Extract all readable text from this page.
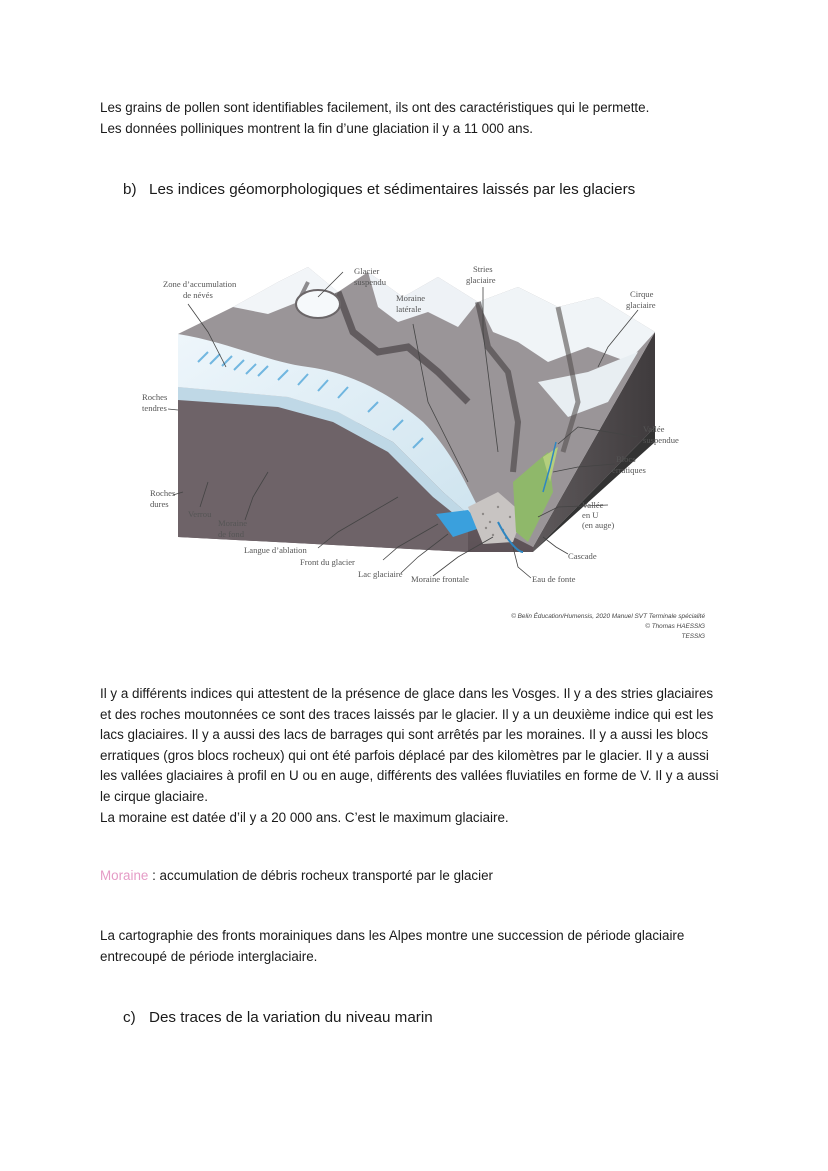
Les grains de pollen sont identifiables facilement, ils ont des caractéristiques qui le permette.
Les données polliniques montrent la fin d’une glaciation il y a 11 000 ans.
b) Les indices géomorphologiques et sédimentaires laissés par les glaciers
Zone d’accumulation
de névés
Glacier
suspendu
Stries
glaciaire
Moraine
latérale
Cirque
glaciaire
Roches
tendres
Vallée
suspendue
Blocs
erratiques
Roches
dures
Verrou
Moraine
de fond
Vallée
en U
(en auge)
Langue d’ablation
Front du glacier
Cascade
Lac glaciaire Moraine frontale	Eau de fonte
© Belin Éducation/Humensis, 2020 Manuel SVT Terminale spécialité
© Thomas HAESSIG
TESSIG
Il y a différents indices qui attestent de la présence de glace dans les Vosges. Il y a des stries glaciaires
et des roches moutonnées ce sont des traces laissés par le glacier. Il y a un deuxième indice qui est les
lacs glaciaires. Il y a aussi des lacs de barrages qui sont arrêtés par les moraines. Il y a aussi les blocs
erratiques (gros blocs rocheux) qui ont été parfois déplacé par des kilomètres par le glacier. Il y a aussi
les vallées glaciaires à profil en U ou en auge, différents des vallées fluviatiles en forme de V. Il y a aussi
le cirque glaciaire.
La moraine est datée d’il y a 20 000 ans. C’est le maximum glaciaire.
Moraine : accumulation de débris rocheux transporté par le glacier
La cartographie des fronts morainiques dans les Alpes montre une succession de période glaciaire
entrecoupé de période interglaciaire.
c) Des traces de la variation du niveau marin
